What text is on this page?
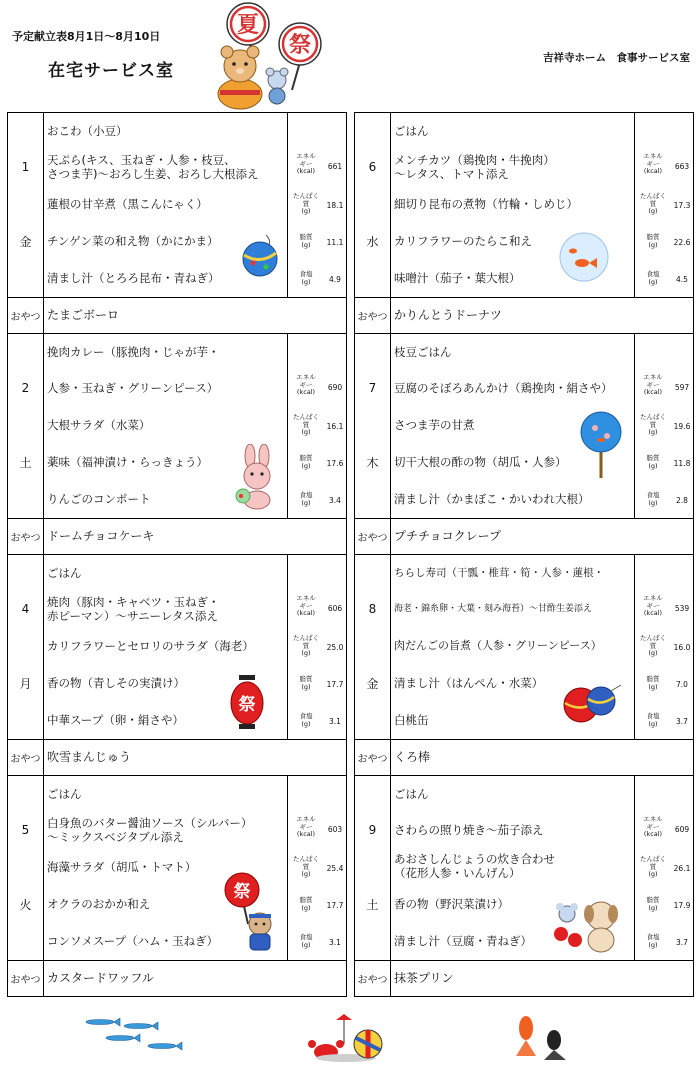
予定献立表8月1日～8月10日
在宅サービス室
吉祥寺ホーム　食事サービス室
夏
祭
1
金
おこわ（小豆）
天ぷら(キス、玉ねぎ・人参・枝豆、
さつま芋)～おろし生姜、おろし大根添え
蓮根の甘辛煮（黒こんにゃく）
チンゲン菜の和え物（かにかま）
清まし汁（とろろ昆布・青ねぎ）
エネル
ギー
(kcal)	661
たんぱく
質
(g)
18.1
脂質
(g)	11.1
食塩
(g)	4.9
おやつ たまごボーロ
2
土
挽肉カレー（豚挽肉・じゃが芋・
人参・玉ねぎ・グリーンピース）
大根サラダ（水菜）
薬味（福神漬け・らっきょう）
りんごのコンポート
エネル
ギー
(kcal)	690
たんぱく
質
(g)
16.1
脂質
(g)	17.6
食塩
(g)	3.4
おやつ ドームチョコケーキ
4
月
ごはん
焼肉（豚肉・キャベツ・玉ねぎ・
赤ピーマン）～サニーレタス添え
カリフラワーとセロリのサラダ（海老）
香の物（青しその実漬け）
中華スープ（卵・絹さや）
エネル
ギー
(kcal)	606
たんぱく
質
(g)
25.0
脂質
(g)	17.7
食塩
(g)	3.1
おやつ 吹雪まんじゅう
祭
5
火
ごはん
白身魚のバター醤油ソース（シルバー）
～ミックスベジタブル添え
海藻サラダ（胡瓜・トマト）
オクラのおかか和え
コンソメスープ（ハム・玉ねぎ）
エネル
ギー
(kcal)	603
たんぱく
質
(g)
25.4
脂質
(g)	17.7
食塩
(g)	3.1
おやつ カスタードワッフル
祭
6
水
ごはん
メンチカツ（鶏挽肉・牛挽肉）
～レタス、トマト添え
細切り昆布の煮物（竹輪・しめじ）
カリフラワーのたらこ和え
味噌汁（茄子・葉大根）
エネル
ギー
(kcal)	663
たんぱく
質
(g)
17.3
脂質
(g)	22.6
食塩
(g)	4.5
おやつ かりんとうドーナツ
7
木
枝豆ごはん
豆腐のそぼろあんかけ（鶏挽肉・絹さや）
さつま芋の甘煮
切干大根の酢の物（胡瓜・人参）
清まし汁（かまぼこ・かいわれ大根）
エネル
ギー
(kcal)	597
たんぱく
質
(g)
19.6
脂質
(g)	11.8
食塩
(g)	2.8
おやつ プチチョコクレープ
8
金
ちらし寿司（干瓢・椎茸・筍・人参・蓮根・
海老・錦糸卵・大葉・刻み海苔）～甘酢生姜添え
肉だんごの旨煮（人参・グリーンピース）
清まし汁（はんぺん・水菜）
白桃缶
エネル
ギー
(kcal)	539
たんぱく
質
(g)
16.0
脂質
(g)	7.0
食塩
(g)	3.7
おやつ くろ棒
9
土
ごはん
さわらの照り焼き～茄子添え
あおさしんじょうの炊き合わせ
（花形人参・いんげん）
香の物（野沢菜漬け）
清まし汁（豆腐・青ねぎ）
エネル
ギー
(kcal)	609
たんぱく
質
(g)
26.1
脂質
(g)	17.9
食塩
(g)	3.7
おやつ 抹茶プリン
